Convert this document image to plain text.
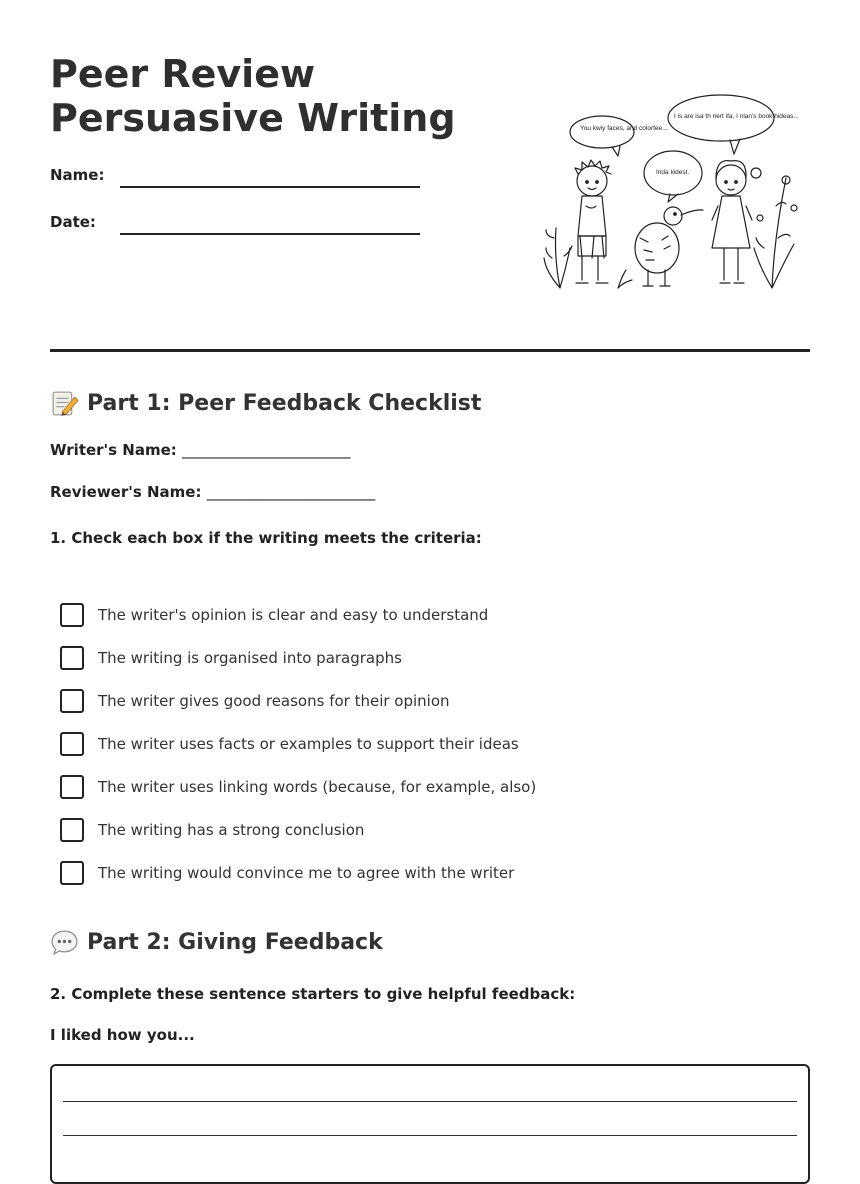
Peer Review Persuasive Writing
Name:
Date:
You kwiy faces, and colorfee...
Inda kidest.
I is are isa th nert ifa, I nlan's book hideas...
Part 1: Peer Feedback Checklist
Writer's Name: ________________________
Reviewer's Name: ________________________
1. Check each box if the writing meets the criteria:
The writer's opinion is clear and easy to understand
The writing is organised into paragraphs
The writer gives good reasons for their opinion
The writer uses facts or examples to support their ideas
The writer uses linking words (because, for example, also)
The writing has a strong conclusion
The writing would convince me to agree with the writer
Part 2: Giving Feedback
2. Complete these sentence starters to give helpful feedback:
I liked how you...
